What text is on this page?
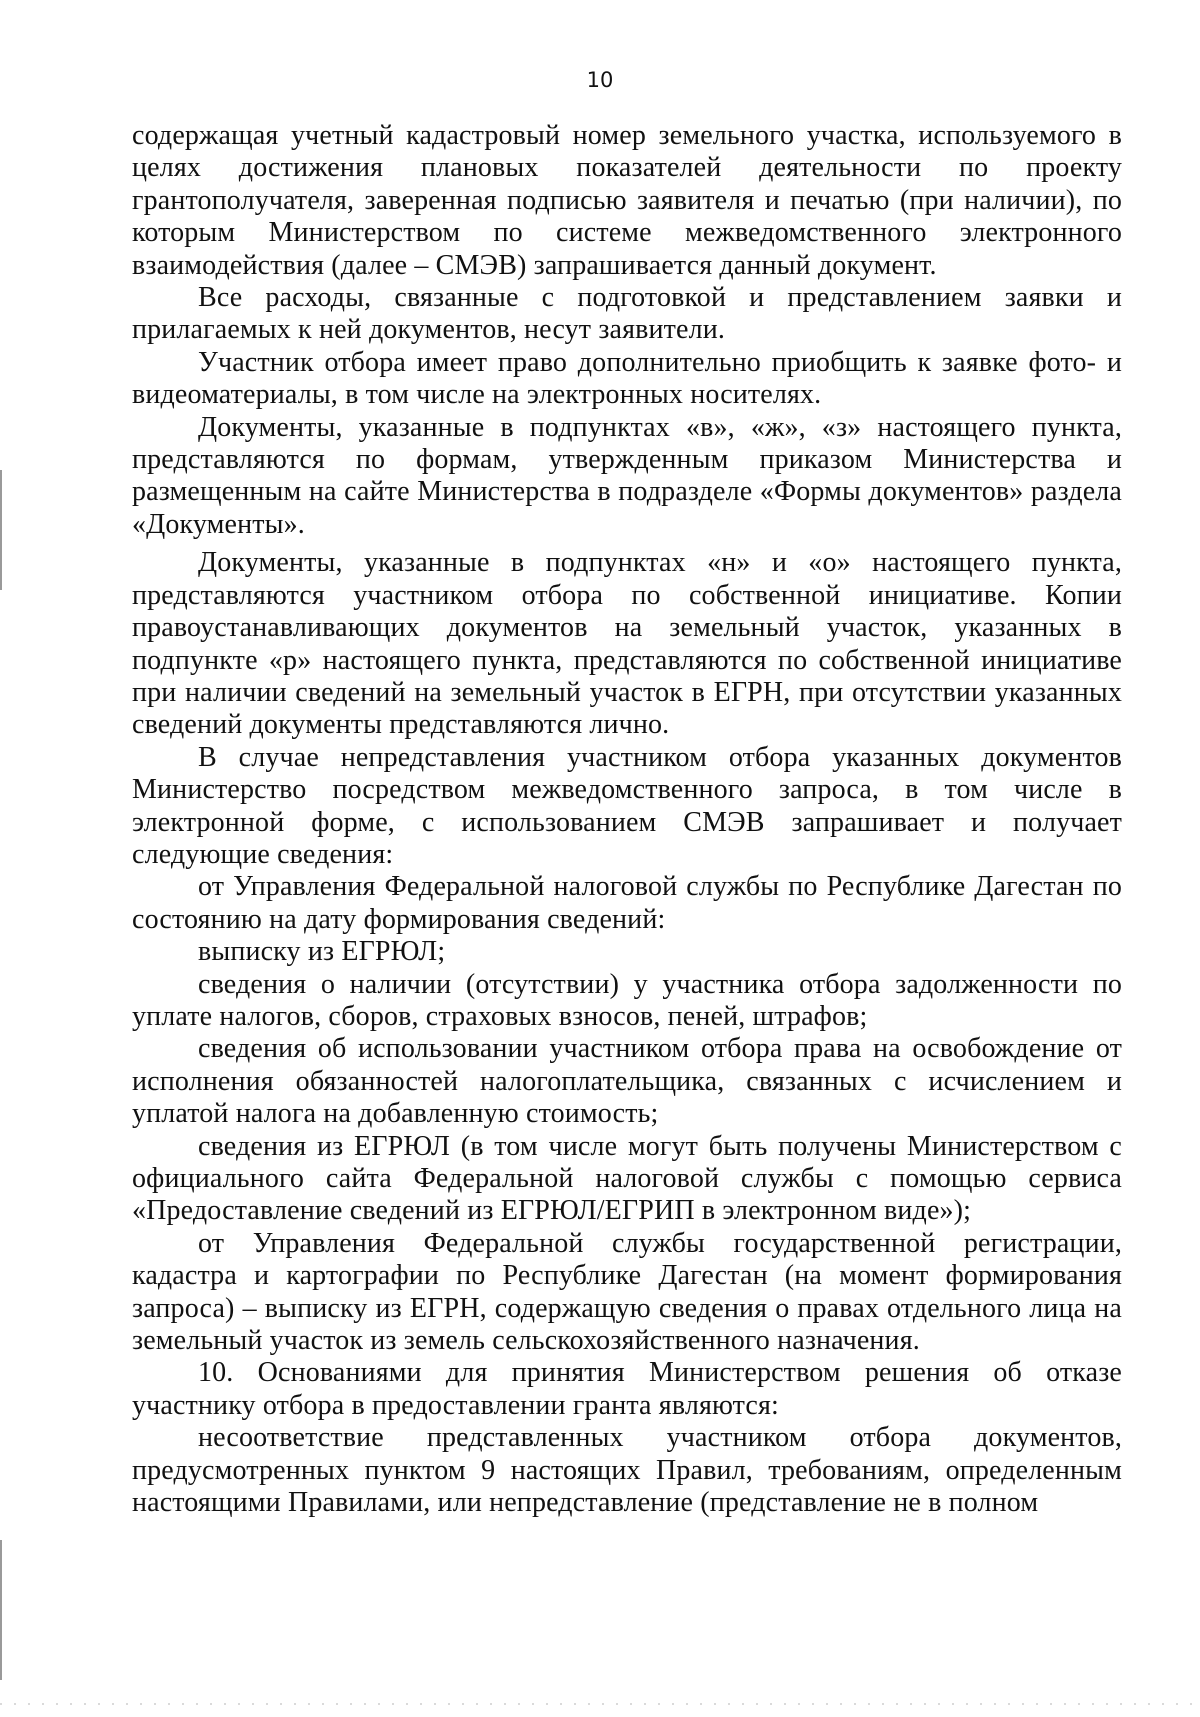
10

содержащая учетный кадастровый номер земельного участка, используемого в целях достижения плановых показателей деятельности по проекту грантополучателя, заверенная подписью заявителя и печатью (при наличии), по которым Министерством по системе межведомственного электронного взаимодействия (далее – СМЭВ) запрашивается данный документ.

Все расходы, связанные с подготовкой и представлением заявки и прилагаемых к ней документов, несут заявители.

Участник отбора имеет право дополнительно приобщить к заявке фото- и видеоматериалы, в том числе на электронных носителях.

Документы, указанные в подпунктах «в», «ж», «з» настоящего пункта, представляются по формам, утвержденным приказом Министерства и размещенным на сайте Министерства в подразделе «Формы документов» раздела «Документы».

Документы, указанные в подпунктах «н» и «о» настоящего пункта, представляются участником отбора по собственной инициативе. Копии правоустанавливающих документов на земельный участок, указанных в подпункте «р» настоящего пункта, представляются по собственной инициативе при наличии сведений на земельный участок в ЕГРН, при отсутствии указанных сведений документы представляются лично.

В случае непредставления участником отбора указанных документов Министерство посредством межведомственного запроса, в том числе в электронной форме, с использованием СМЭВ запрашивает и получает следующие сведения:

от Управления Федеральной налоговой службы по Республике Дагестан по состоянию на дату формирования сведений:

выписку из ЕГРЮЛ;

сведения о наличии (отсутствии) у участника отбора задолженности по уплате налогов, сборов, страховых взносов, пеней, штрафов;

сведения об использовании участником отбора права на освобождение от исполнения обязанностей налогоплательщика, связанных с исчислением и уплатой налога на добавленную стоимость;

сведения из ЕГРЮЛ (в том числе могут быть получены Министерством с официального сайта Федеральной налоговой службы с помощью сервиса «Предоставление сведений из ЕГРЮЛ/ЕГРИП в электронном виде»);

от Управления Федеральной службы государственной регистрации, кадастра и картографии по Республике Дагестан (на момент формирования запроса) – выписку из ЕГРН, содержащую сведения о правах отдельного лица на земельный участок из земель сельскохозяйственного назначения.

10. Основаниями для принятия Министерством решения об отказе участнику отбора в предоставлении гранта являются:

несоответствие представленных участником отбора документов, предусмотренных пунктом 9 настоящих Правил, требованиям, определенным настоящими Правилами, или непредставление (представление не в полном
